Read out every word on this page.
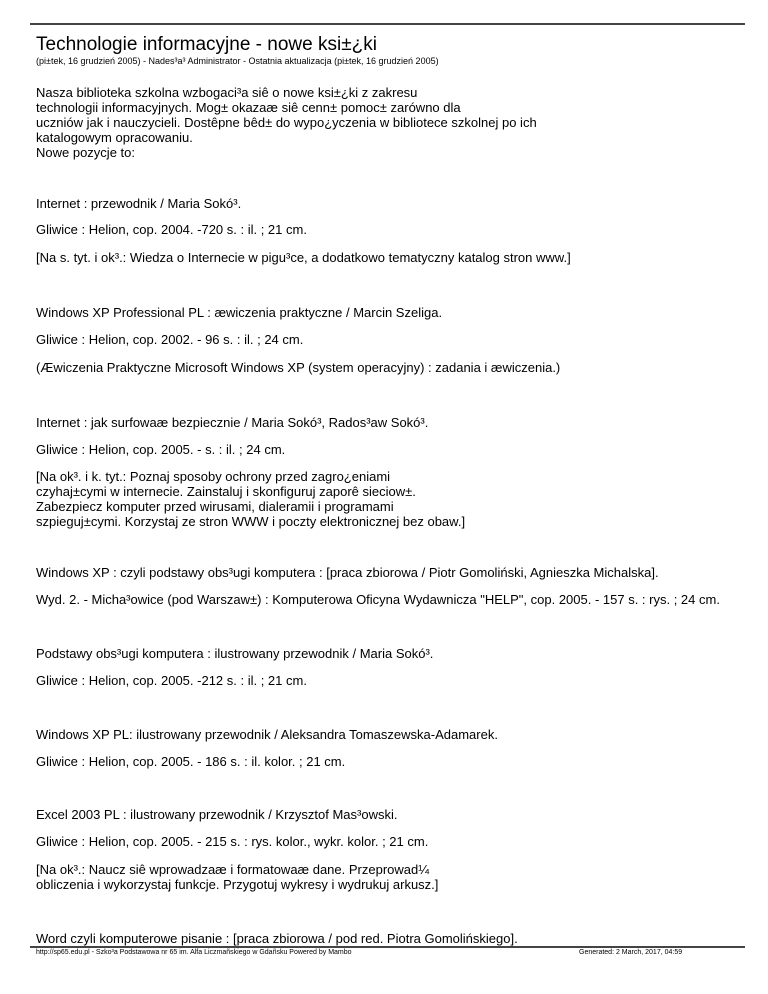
Technologie informacyjne - nowe ksi±¿ki
(pi±tek, 16 grudzień 2005) - Nades³a³ Administrator - Ostatnia aktualizacja (pi±tek, 16 grudzień 2005)
Nasza biblioteka szkolna wzbogaci³a siê o nowe ksi±¿ki z zakresu
technologii informacyjnych. Mog± okazaæ siê cenn± pomoc± zarówno dla
uczniów jak i nauczycieli. Dostêpne bêd± do wypo¿yczenia w bibliotece szkolnej po ich
katalogowym opracowaniu.
Nowe pozycje to:
Internet : przewodnik / Maria Sokó³.
Gliwice : Helion, cop. 2004. -720 s. : il. ; 21 cm.
[Na s. tyt. i ok³.: Wiedza o Internecie w pigu³ce, a dodatkowo tematyczny katalog stron www.]
Windows XP Professional PL : æwiczenia praktyczne / Marcin Szeliga.
Gliwice : Helion, cop. 2002. - 96 s. : il. ; 24 cm.
(Æwiczenia Praktyczne Microsoft Windows XP (system operacyjny) : zadania i æwiczenia.)
Internet : jak surfowaæ bezpiecznie / Maria Sokó³, Rados³aw Sokó³.
Gliwice : Helion, cop. 2005. - s. : il. ; 24 cm.
[Na ok³. i k. tyt.: Poznaj sposoby ochrony przed zagro¿eniami
czyhaj±cymi w internecie. Zainstaluj i skonfiguruj zaporê sieciow±.
Zabezpiecz komputer przed wirusami, dialeramii i programami
szpieguj±cymi. Korzystaj ze stron WWW i poczty elektronicznej bez obaw.]
Windows XP : czyli podstawy obs³ugi komputera : [praca zbiorowa / Piotr Gomoliński, Agnieszka Michalska].
Wyd. 2. - Micha³owice (pod Warszaw±) : Komputerowa Oficyna Wydawnicza "HELP", cop. 2005. - 157 s. : rys. ; 24 cm.
Podstawy obs³ugi komputera : ilustrowany przewodnik / Maria Sokó³.
Gliwice : Helion, cop. 2005. -212 s. : il. ; 21 cm.
Windows XP PL: ilustrowany przewodnik / Aleksandra Tomaszewska-Adamarek.
Gliwice : Helion, cop. 2005. - 186 s. : il. kolor. ; 21 cm.
Excel 2003 PL : ilustrowany przewodnik / Krzysztof Mas³owski.
Gliwice : Helion, cop. 2005. - 215 s. : rys. kolor., wykr. kolor. ; 21 cm.
[Na ok³.: Naucz siê wprowadzaæ i formatowaæ dane. Przeprowad¼
obliczenia i wykorzystaj funkcje. Przygotuj wykresy i wydrukuj arkusz.]
Word czyli komputerowe pisanie : [praca zbiorowa / pod red. Piotra Gomolińskiego].
http://sp65.edu.pl - Szko³a Podstawowa nr 65 im. Alfa Liczmañskiego w Gdañsku Powered by Mambo	Generated: 2 March, 2017, 04:59
